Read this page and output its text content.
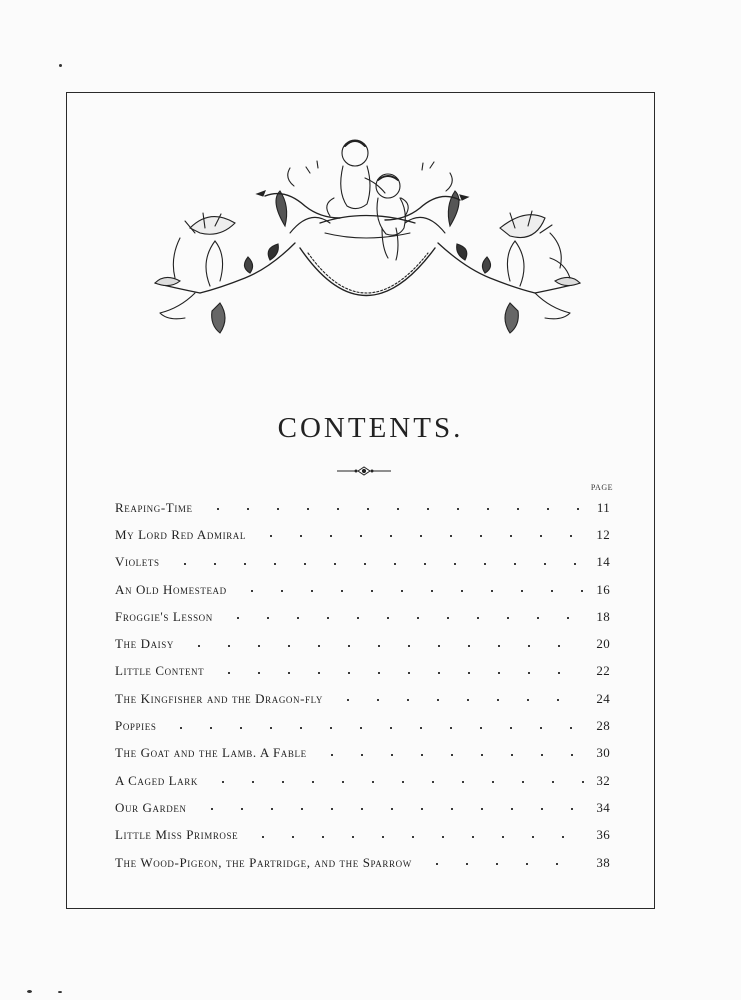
CONTENTS.
PAGE
Reaping-Time	11
My Lord Red Admiral	12
Violets	14
An Old Homestead	16
Froggie's Lesson	18
The Daisy	20
Little Content	22
The Kingfisher and the Dragon-fly	24
Poppies	28
The Goat and the Lamb. A Fable	30
A Caged Lark	32
Our Garden	34
Little Miss Primrose	36
The Wood-Pigeon, the Partridge, and the Sparrow	38
